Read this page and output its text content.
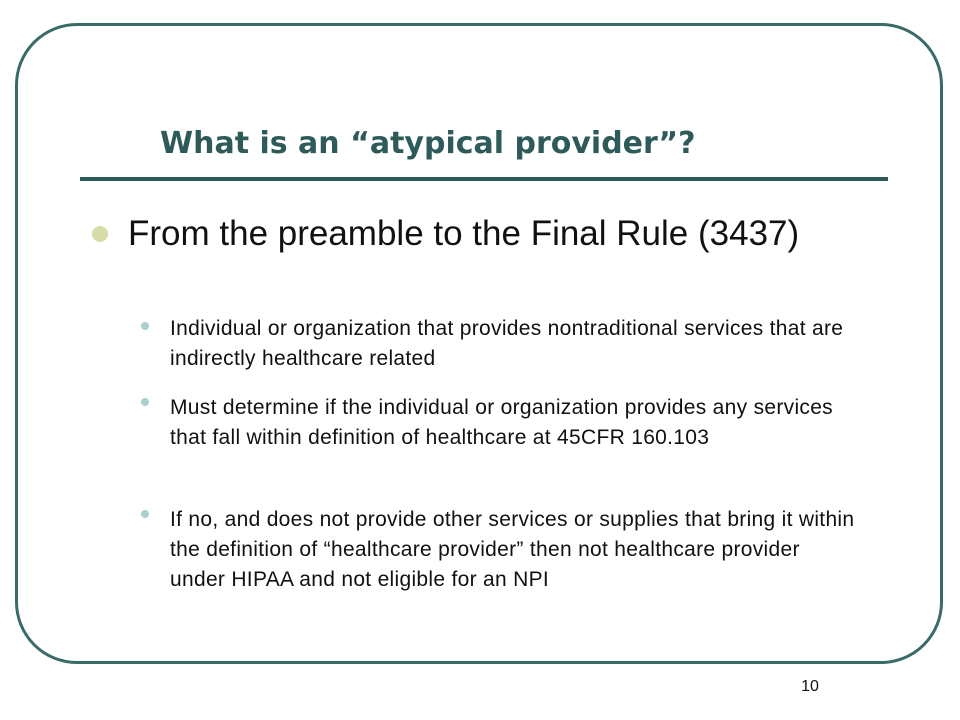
What is an “atypical provider”?
From the preamble to the Final Rule (3437)
Individual or organization that provides nontraditional services that are indirectly healthcare related
Must determine if the individual or organization provides any services that fall within definition of healthcare at 45CFR 160.103
If no, and does not provide other services or supplies that bring it within the definition of “healthcare provider” then not healthcare provider under HIPAA and not eligible for an NPI
10
